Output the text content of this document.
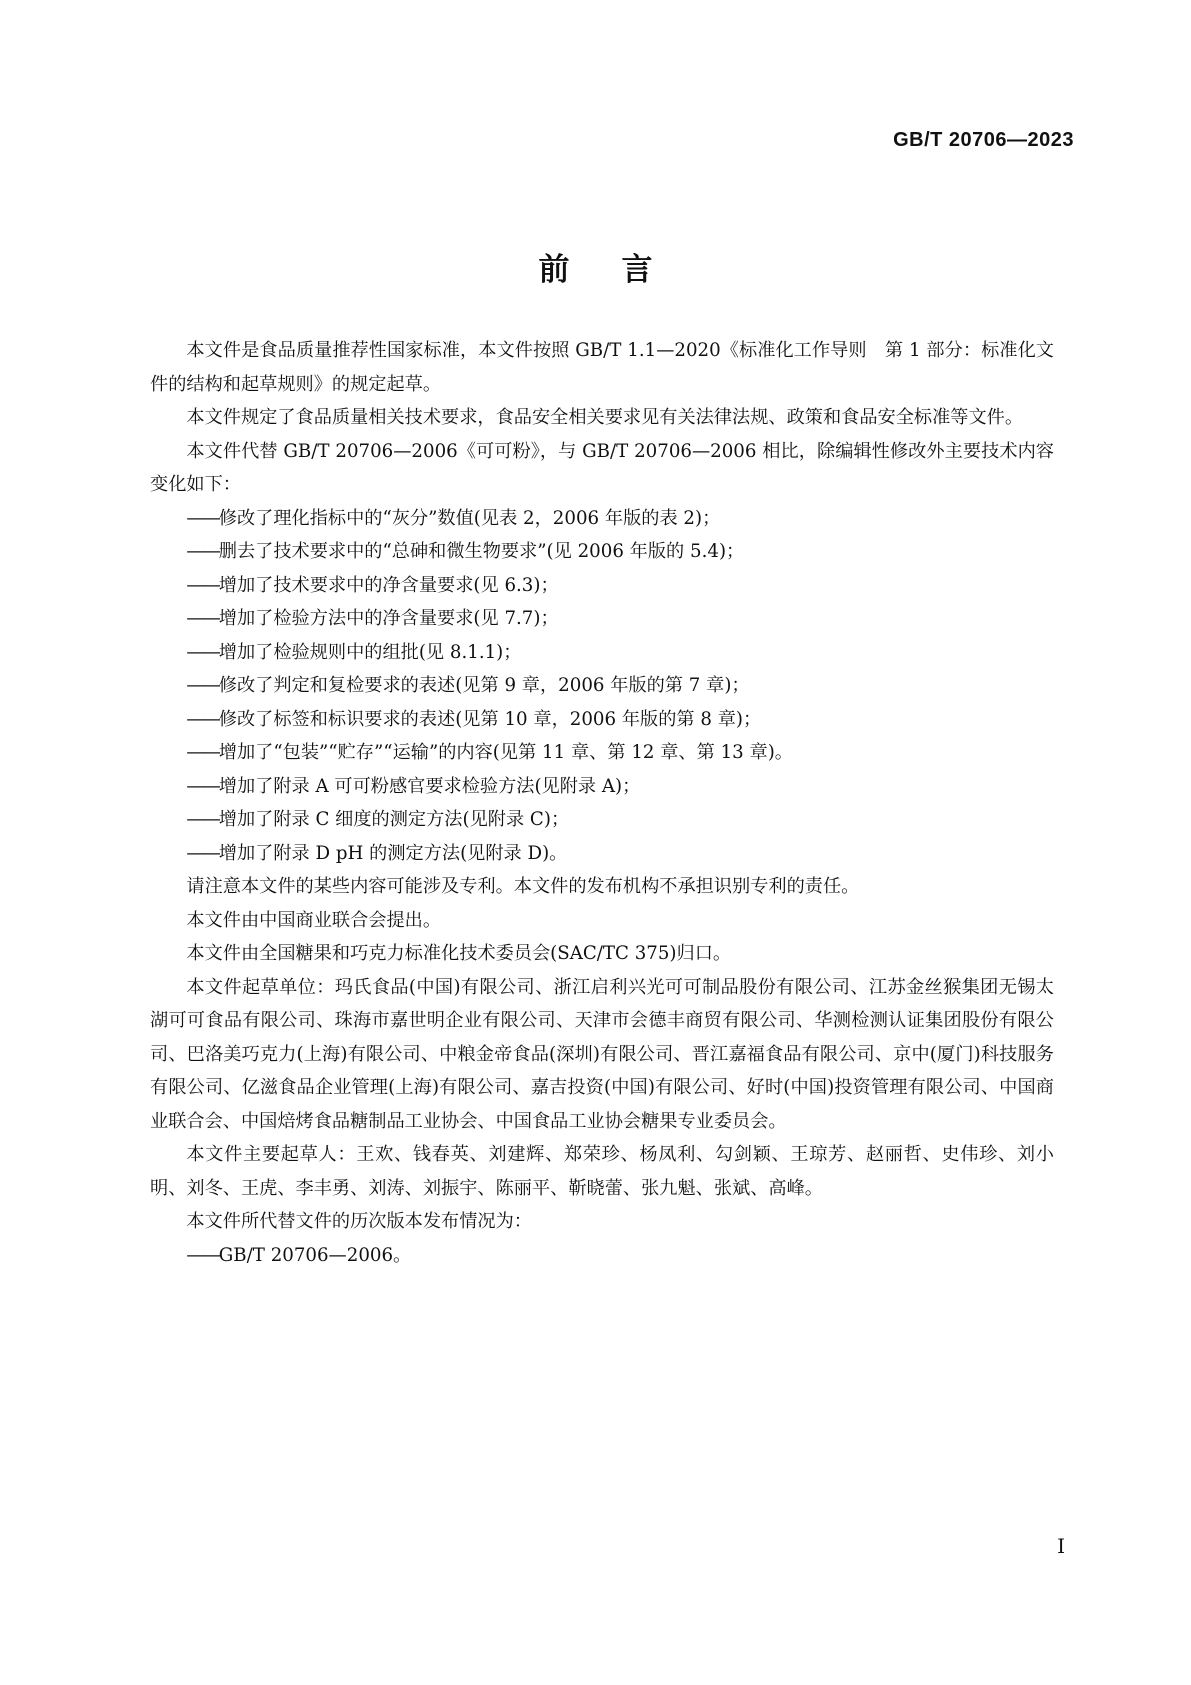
GB/T 20706—2023
前言

本文件是食品质量推荐性国家标准，本文件按照 GB/T 1.1—2020《标准化工作导则　第 1 部分：标准化文件的结构和起草规则》的规定起草。

本文件规定了食品质量相关技术要求，食品安全相关要求见有关法律法规、政策和食品安全标准等文件。

本文件代替 GB/T 20706—2006《可可粉》，与 GB/T 20706—2006 相比，除编辑性修改外主要技术内容变化如下：

—— 修改了理化指标中的“灰分”数值(见表 2，2006 年版的表 2)；
—— 删去了技术要求中的“总砷和微生物要求”(见 2006 年版的 5.4)；
—— 增加了技术要求中的净含量要求(见 6.3)；
—— 增加了检验方法中的净含量要求(见 7.7)；
—— 增加了检验规则中的组批(见 8.1.1)；
—— 修改了判定和复检要求的表述(见第 9 章，2006 年版的第 7 章)；
—— 修改了标签和标识要求的表述(见第 10 章，2006 年版的第 8 章)；
—— 增加了“包装”“贮存”“运输”的内容(见第 11 章、第 12 章、第 13 章)。
—— 增加了附录 A 可可粉感官要求检验方法(见附录 A)；
—— 增加了附录 C 细度的测定方法(见附录 C)；
—— 增加了附录 D pH 的测定方法(见附录 D)。

请注意本文件的某些内容可能涉及专利。本文件的发布机构不承担识别专利的责任。

本文件由中国商业联合会提出。

本文件由全国糖果和巧克力标准化技术委员会(SAC/TC 375)归口。

本文件起草单位：玛氏食品(中国)有限公司、浙江启利兴光可可制品股份有限公司、江苏金丝猴集团无锡太湖可可食品有限公司、珠海市嘉世明企业有限公司、天津市会德丰商贸有限公司、华测检测认证集团股份有限公司、巴洛美巧克力(上海)有限公司、中粮金帝食品(深圳)有限公司、晋江嘉福食品有限公司、京中(厦门)科技服务有限公司、亿滋食品企业管理(上海)有限公司、嘉吉投资(中国)有限公司、好时(中国)投资管理有限公司、中国商业联合会、中国焙烤食品糖制品工业协会、中国食品工业协会糖果专业委员会。

本文件主要起草人：王欢、钱春英、刘建辉、郑荣珍、杨凤利、勾剑颖、王琼芳、赵丽哲、史伟珍、刘小明、刘冬、王虎、李丰勇、刘涛、刘振宇、陈丽平、靳晓蕾、张九魁、张斌、高峰。

本文件所代替文件的历次版本发布情况为：

—— GB/T 20706—2006。
I
